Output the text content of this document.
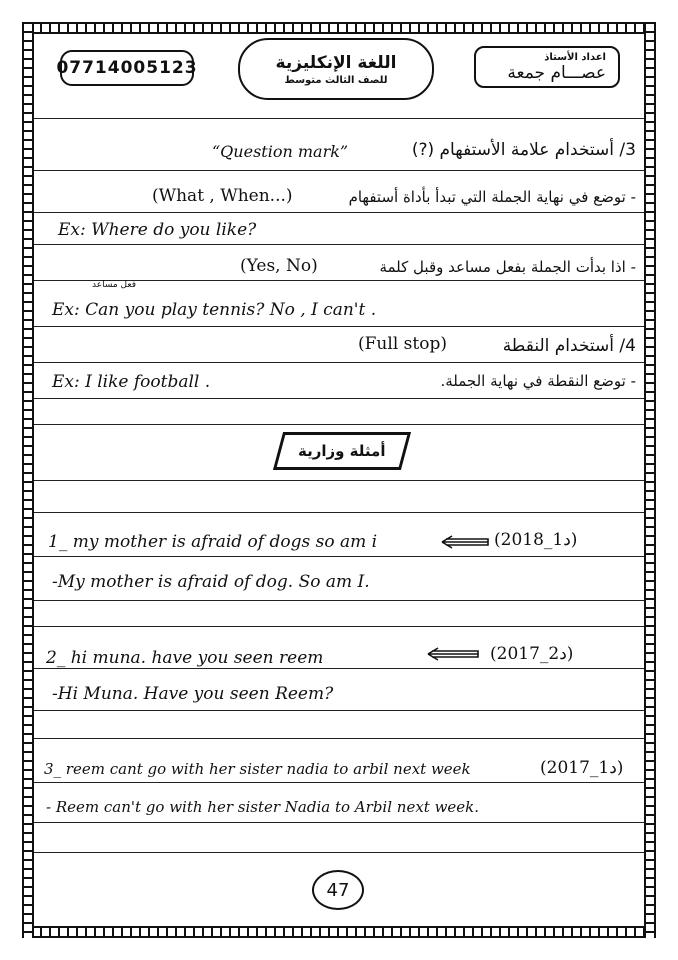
07714005123	اللغة الإنكليزية
للصف الثالث متوسط
اعداد الأستاذ
عصـــام جمعة
3/ أستخدام علامة الأستفهام (?)
“Question mark”
- توضع في نهاية الجملة التي تبدأ بأداة أستفهام
(What , When...)
Ex: Where do you like?
- اذا بدأت الجملة بفعل مساعد وقبل كلمة
(Yes, No)
فعل مساعد
Ex: Can you play tennis? No , I can't .
4/ أستخدام النقطة
(Full stop)
- توضع النقطة في نهاية الجملة.
Ex: I like football .
أمثلة وزارية
1_ my mother is afraid of dogs so am i	(2018_1د)
-My mother is afraid of dog. So am I.
2_ hi muna. have you seen reem	(2017_2د)
-Hi Muna. Have you seen Reem?
3_ reem cant go with her sister nadia to arbil next week	(2017_1د)
- Reem can't go with her sister Nadia to Arbil next week.
47
